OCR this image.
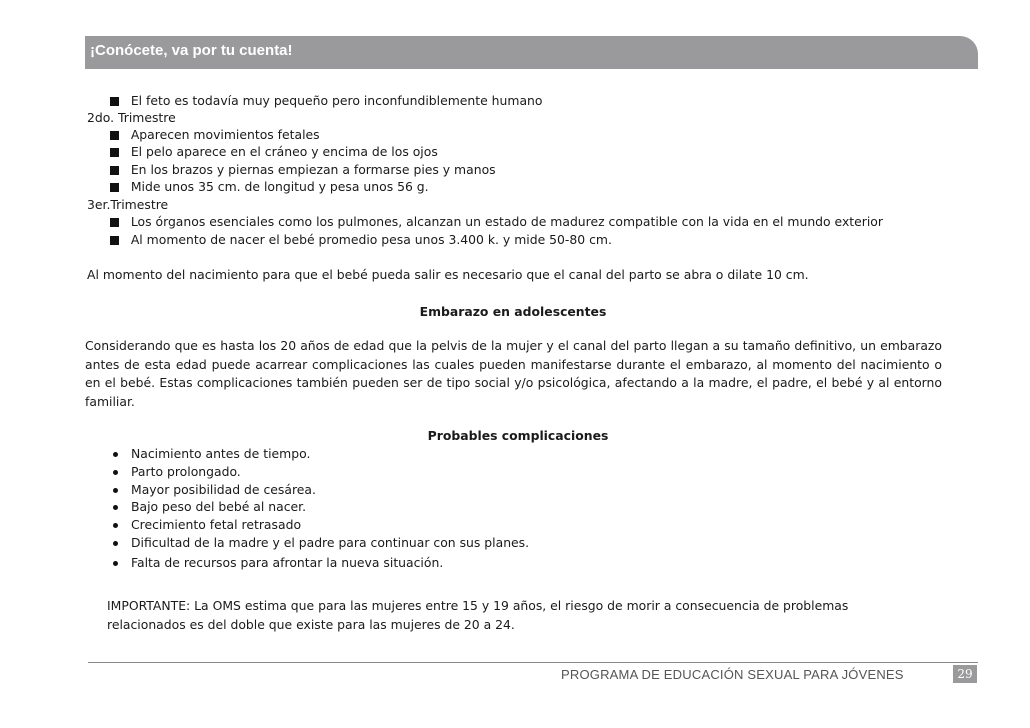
¡Conócete, va por tu cuenta!
El feto es todavía muy pequeño pero inconfundiblemente humano
2do. Trimestre
Aparecen movimientos fetales
El pelo aparece en el cráneo y encima de los ojos
En los brazos y piernas empiezan a formarse pies y manos
Mide unos 35 cm. de longitud y pesa unos 56 g.
3er.Trimestre
Los órganos esenciales como los pulmones, alcanzan un estado de madurez compatible con la vida en el mundo exterior
Al momento de nacer el bebé promedio pesa unos 3.400 k. y mide 50-80 cm.
Al momento del nacimiento para que el bebé pueda salir es necesario que el canal del parto se abra o dilate 10 cm.
Embarazo en adolescentes
Considerando que es hasta los 20 años de edad que la pelvis de la mujer y el canal del parto llegan a su tamaño definitivo, un embarazo antes de esta edad puede acarrear complicaciones las cuales pueden manifestarse durante el embarazo, al momento del nacimiento o en el bebé. Estas complicaciones también pueden ser de tipo social y/o psicológica, afectando a la madre, el padre, el bebé y al entorno familiar.
Probables complicaciones
Nacimiento antes de tiempo.
Parto prolongado.
Mayor posibilidad de cesárea.
Bajo peso del bebé al nacer.
Crecimiento fetal retrasado
Dificultad de la madre y el padre para continuar con sus planes.
Falta de recursos para afrontar la nueva situación.
IMPORTANTE: La OMS estima que para las mujeres entre 15 y 19 años, el riesgo de morir a consecuencia de problemas relacionados es del doble que existe para las mujeres de 20 a 24.
PROGRAMA DE EDUCACIÓN SEXUAL PARA JÓVENES	29
